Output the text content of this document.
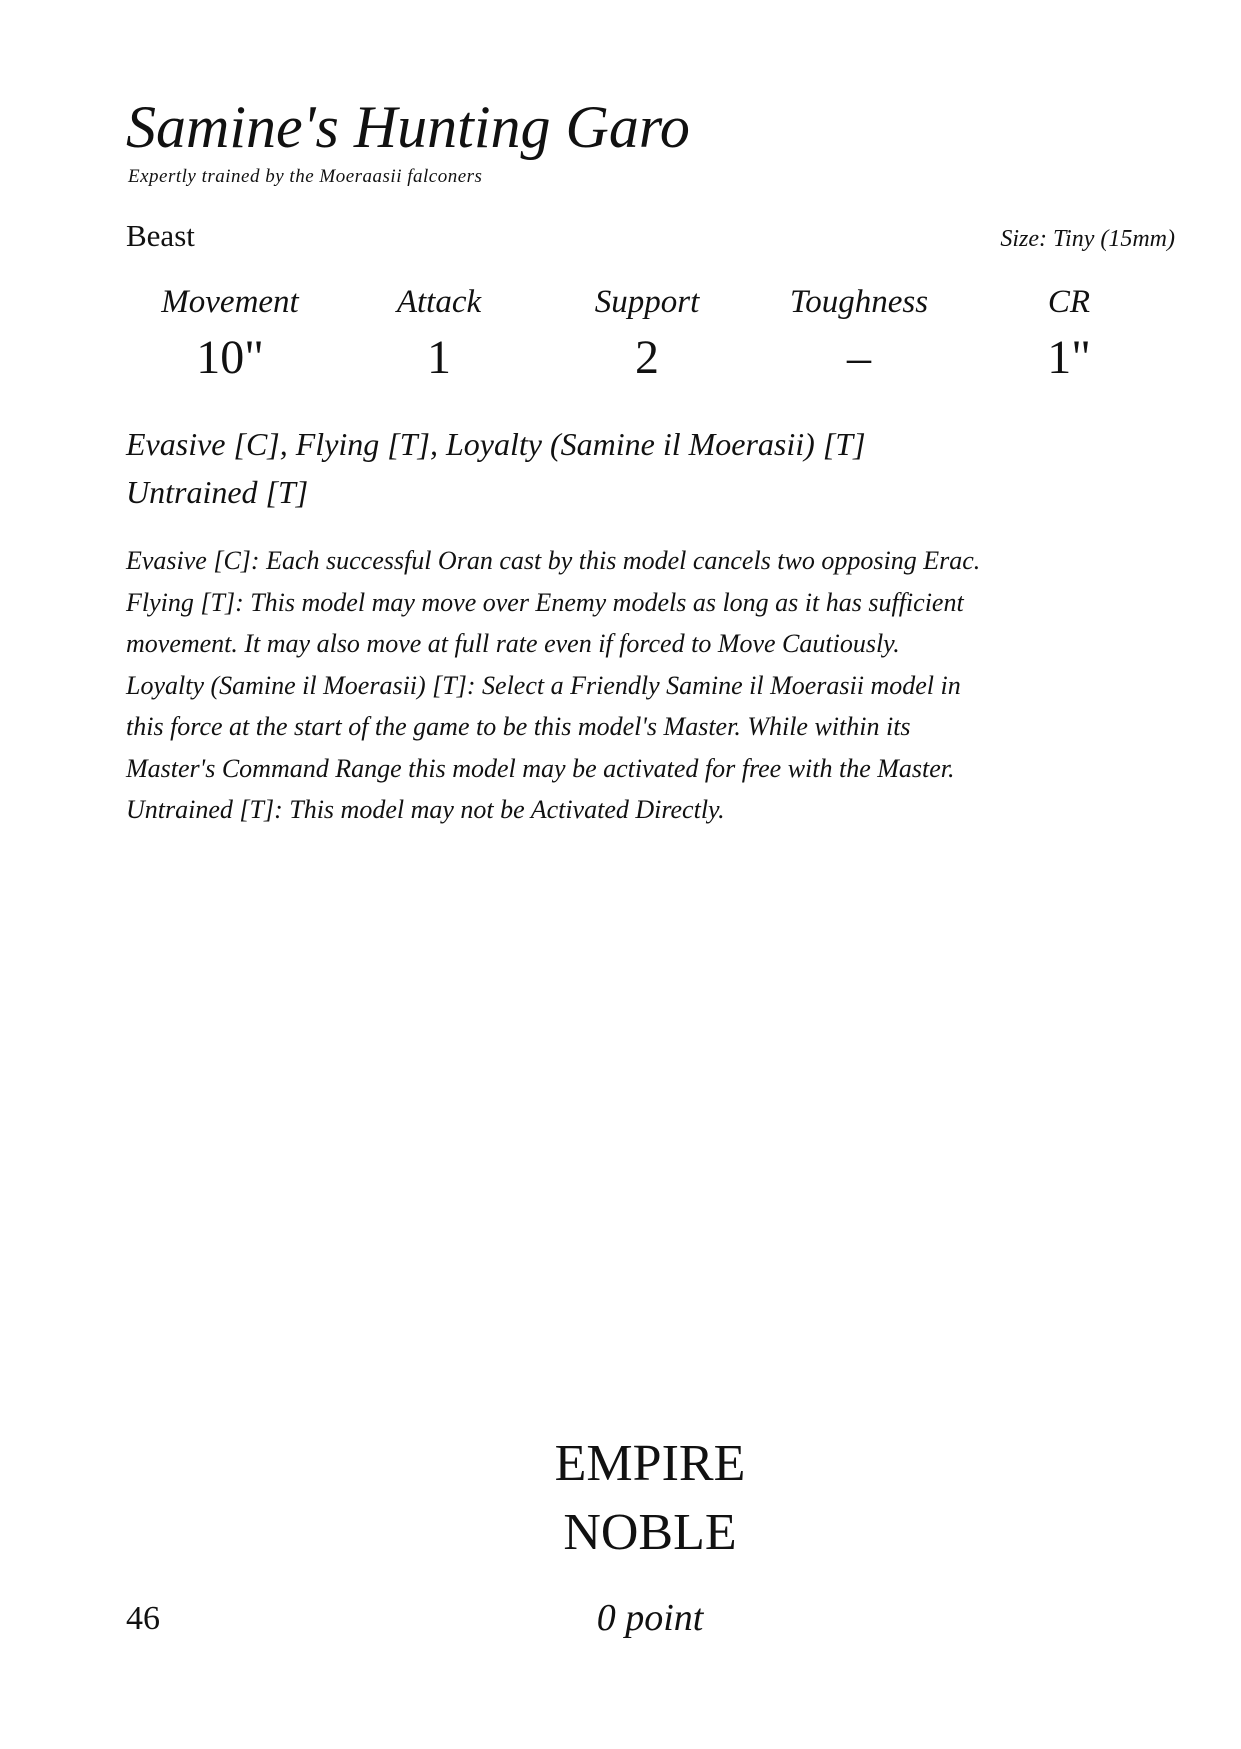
Samine's Hunting Garo
Expertly trained by the Moeraasii falconers
Beast	Size: Tiny (15mm)
Movement
10"
Attack
1
Support
2
Toughness
–
CR
1"
Evasive [C], Flying [T], Loyalty (Samine il Moerasii) [T]
Untrained [T]
Evasive [C]: Each successful Oran cast by this model cancels two opposing Erac.
Flying [T]: This model may move over Enemy models as long as it has sufficient
movement. It may also move at full rate even if forced to Move Cautiously.
Loyalty (Samine il Moerasii) [T]: Select a Friendly Samine il Moerasii model in
this force at the start of the game to be this model's Master. While within its
Master's Command Range this model may be activated for free with the Master.
Untrained [T]: This model may not be Activated Directly.
EMPIRE
NOBLE
46	0 point
